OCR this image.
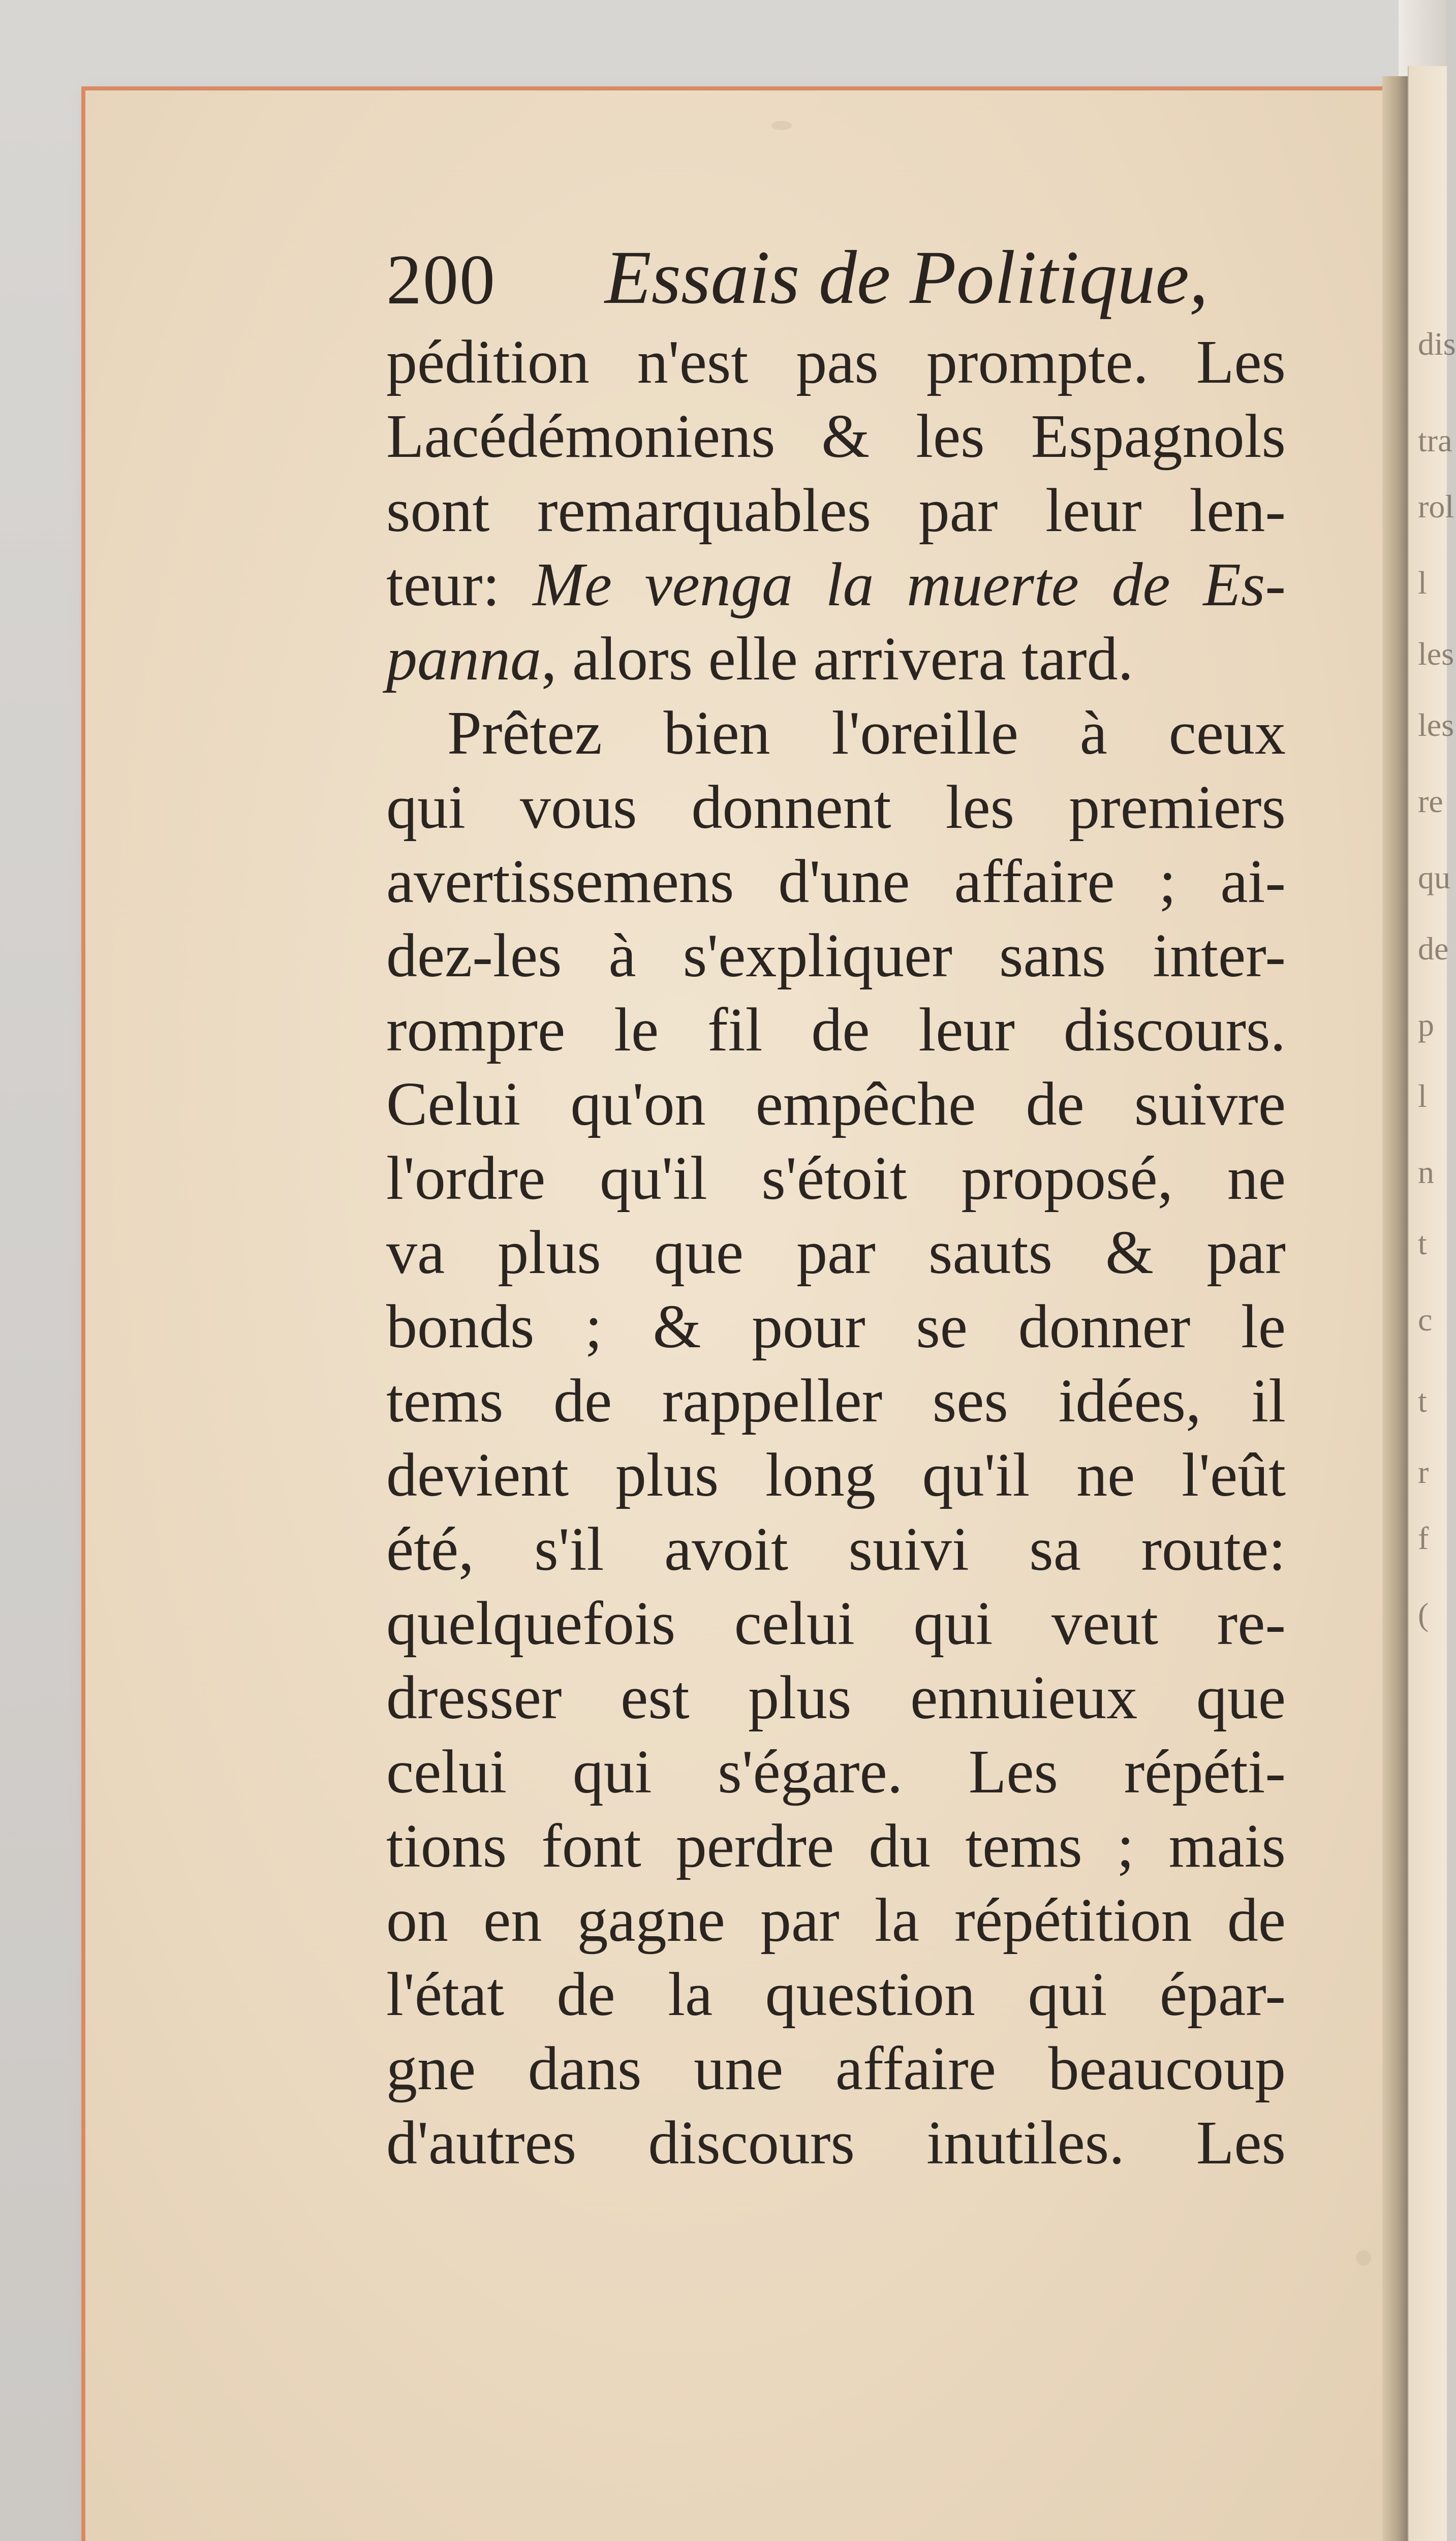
dis
tra
rol
l
les
les
re
qu
de
p
l
n
t
c
t
r
f
(
200 Essais de Politique,
pédition n'est pas prompte. Les
Lacédémoniens & les Espagnols
sont remarquables par leur len-
teur: Me venga la muerte de Es-
panna, alors elle arrivera tard.
Prêtez bien l'oreille à ceux
qui vous donnent les premiers
avertissemens d'une affaire ; ai-
dez-les à s'expliquer sans inter-
rompre le fil de leur discours.
Celui qu'on empêche de suivre
l'ordre qu'il s'étoit proposé, ne
va plus que par sauts & par
bonds ; & pour se donner le
tems de rappeller ses idées, il
devient plus long qu'il ne l'eût
été, s'il avoit suivi sa route:
quelquefois celui qui veut re-
dresser est plus ennuieux que
celui qui s'égare. Les répéti-
tions font perdre du tems ; mais
on en gagne par la répétition de
l'état de la question qui épar-
gne dans une affaire beaucoup
d'autres discours inutiles. Les
